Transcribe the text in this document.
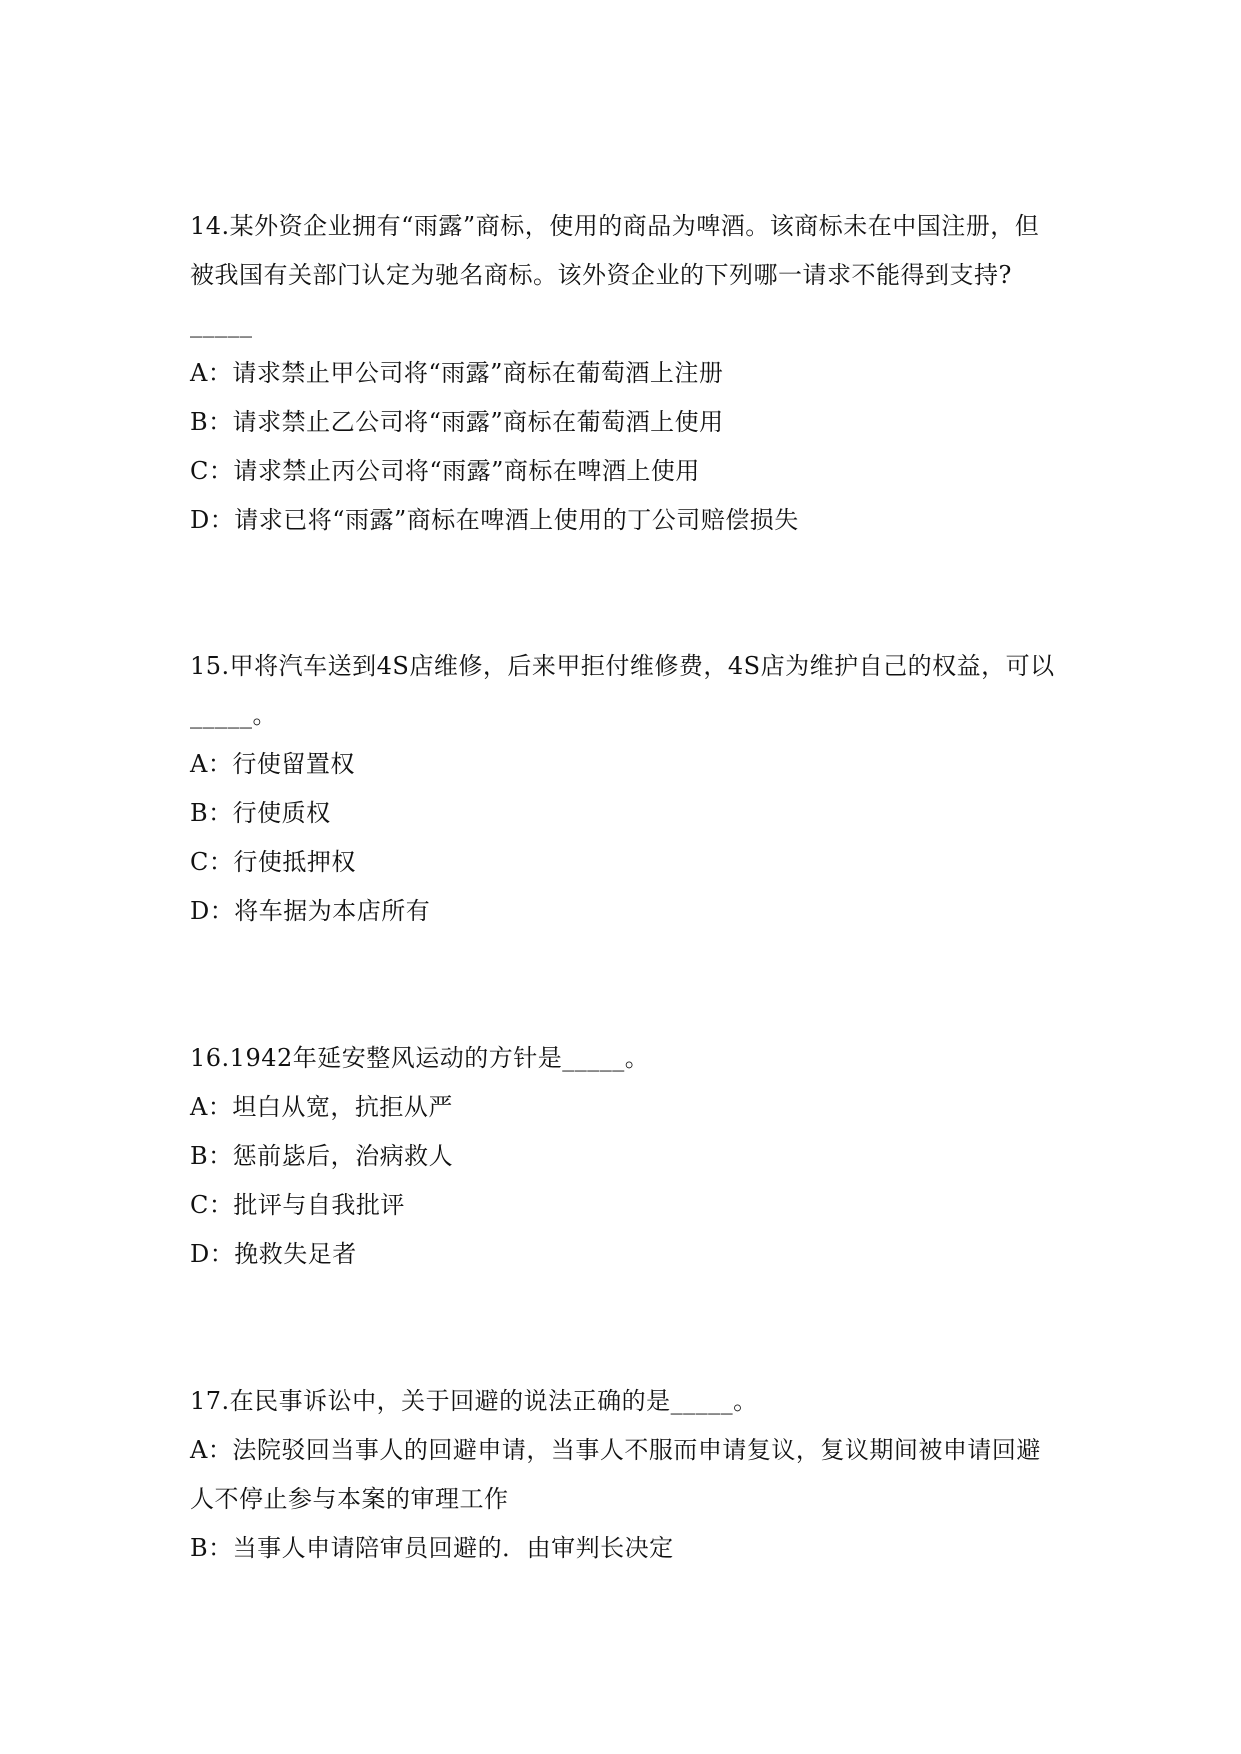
14.某外资企业拥有“雨露”商标，使用的商品为啤酒。该商标未在中国注册，但被我国有关部门认定为驰名商标。该外资企业的下列哪一请求不能得到支持?_____

A：请求禁止甲公司将“雨露”商标在葡萄酒上注册

B：请求禁止乙公司将“雨露”商标在葡萄酒上使用

C：请求禁止丙公司将“雨露”商标在啤酒上使用

D：请求已将“雨露”商标在啤酒上使用的丁公司赔偿损失

15.甲将汽车送到4S店维修，后来甲拒付维修费，4S店为维护自己的权益，可以_____。

A：行使留置权

B：行使质权

C：行使抵押权

D：将车据为本店所有

16.1942年延安整风运动的方针是_____。

A：坦白从宽，抗拒从严

B：惩前毖后，治病救人

C：批评与自我批评

D：挽救失足者

17.在民事诉讼中，关于回避的说法正确的是_____。

A：法院驳回当事人的回避申请，当事人不服而申请复议，复议期间被申请回避人不停止参与本案的审理工作

B：当事人申请陪审员回避的．由审判长决定
